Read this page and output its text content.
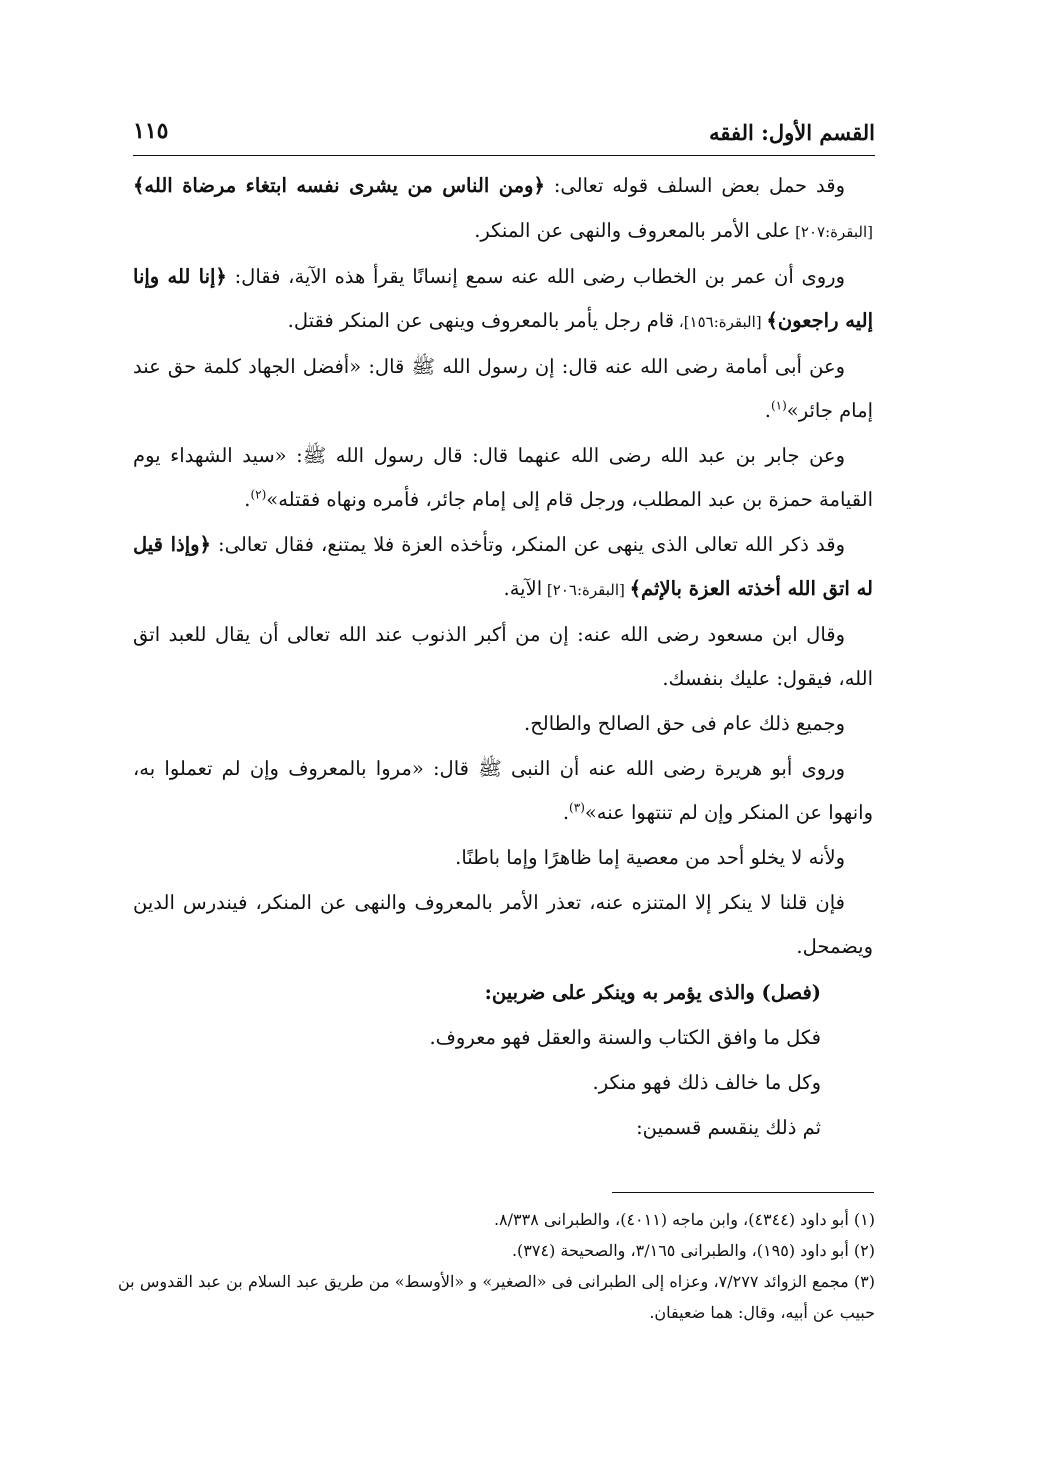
القسم الأول: الفقه
١١٥

وقد حمل بعض السلف قوله تعالى: ﴿ومن الناس من يشرى نفسه ابتغاء مرضاة الله﴾ [البقرة:٢٠٧] على الأمر بالمعروف والنهى عن المنكر.

وروى أن عمر بن الخطاب رضى الله عنه سمع إنسانًا يقرأ هذه الآية، فقال: ﴿إنا لله وإنا إليه راجعون﴾ [البقرة:١٥٦]، قام رجل يأمر بالمعروف وينهى عن المنكر فقتل.

وعن أبى أمامة رضى الله عنه قال: إن رسول الله ﷺ قال: «أفضل الجهاد كلمة حق عند إمام جائر»$^{(١)}$.

وعن جابر بن عبد الله رضى الله عنهما قال: قال رسول الله ﷺ: «سيد الشهداء يوم القيامة حمزة بن عبد المطلب، ورجل قام إلى إمام جائر، فأمره ونهاه فقتله»$^{(٢)}$.

وقد ذكر الله تعالى الذى ينهى عن المنكر، وتأخذه العزة فلا يمتنع، فقال تعالى: ﴿وإذا قيل له اتق الله أخذته العزة بالإثم﴾ [البقرة:٢٠٦] الآية.

وقال ابن مسعود رضى الله عنه: إن من أكبر الذنوب عند الله تعالى أن يقال للعبد اتق الله، فيقول: عليك بنفسك.

وجميع ذلك عام فى حق الصالح والطالح.

وروى أبو هريرة رضى الله عنه أن النبى ﷺ قال: «مروا بالمعروف وإن لم تعملوا به، وانهوا عن المنكر وإن لم تنتهوا عنه»$^{(٣)}$.

ولأنه لا يخلو أحد من معصية إما ظاهرًا وإما باطنًا.

فإن قلنا لا ينكر إلا المتنزه عنه، تعذر الأمر بالمعروف والنهى عن المنكر، فيندرس الدين ويضمحل.

(فصل) والذى يؤمر به وينكر على ضربين:

فكل ما وافق الكتاب والسنة والعقل فهو معروف.

وكل ما خالف ذلك فهو منكر.

ثم ذلك ينقسم قسمين:

(١) أبو داود (٤٣٤٤)، وابن ماجه (٤٠١١)، والطبرانى ٨/٣٣٨.

(٢) أبو داود (١٩٥)، والطبرانى ٣/١٦٥، والصحيحة (٣٧٤).

(٣) مجمع الزوائد ٧/٢٧٧، وعزاه إلى الطبرانى فى «الصغير» و «الأوسط» من طريق عبد السلام بن عبد القدوس بن حبيب عن أبيه، وقال: هما ضعيفان.
